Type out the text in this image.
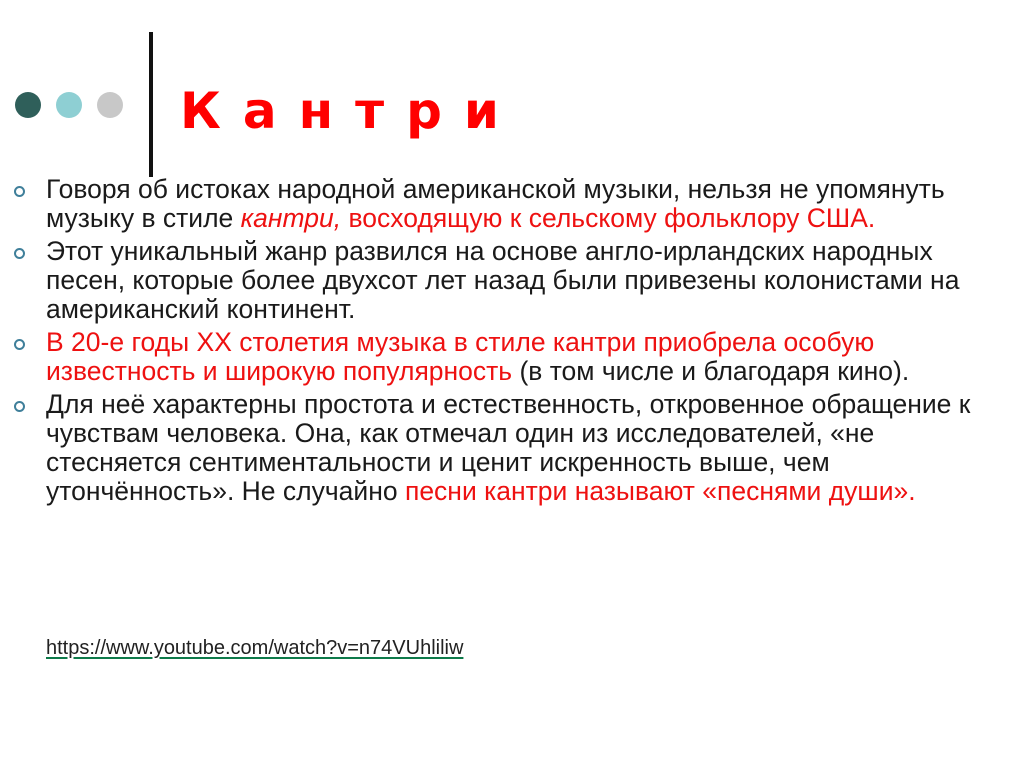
Кантри
Говоря об истоках народной американской музыки, нельзя не упомянуть музыку в стиле кантри, восходящую к сельскому фольклору США.
Этот уникальный жанр развился на основе англо-ирландских народных песен, которые более двухсот лет назад были привезены колонистами на американский континент.
В 20-е годы XX столетия музыка в стиле кантри приобрела особую известность и широкую популярность (в том числе и благодаря кино).
Для неё характерны простота и естественность, откровенное обращение к чувствам человека. Она, как отмечал один из исследователей, «не стесняется сентиментальности и ценит искренность выше, чем утончённость». Не случайно песни кантри называют «песнями души».
https://www.youtube.com/watch?v=n74VUhliliw
